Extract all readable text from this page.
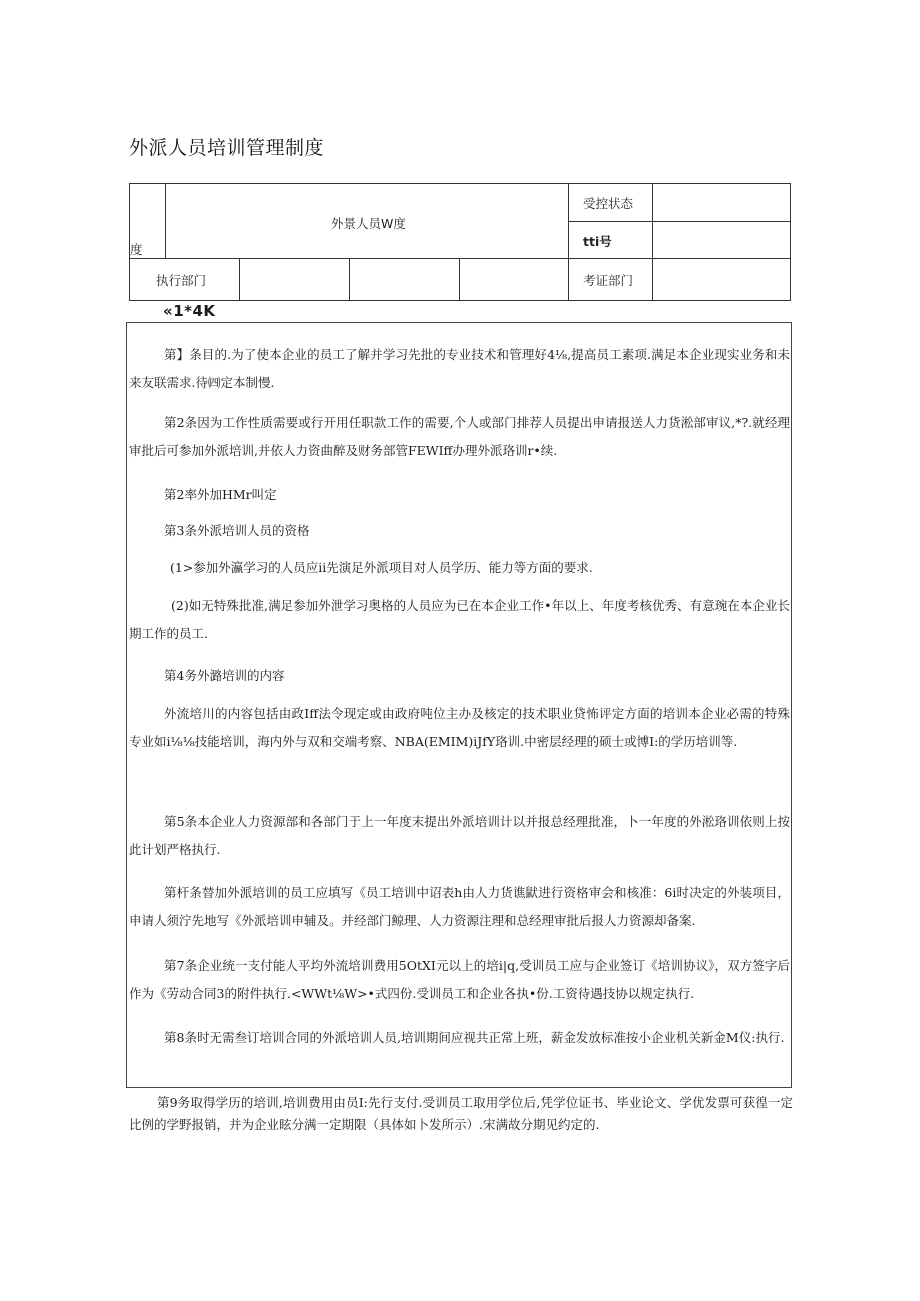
外派人员培训管理制度
度
外景人员W度
受控状态
tti号
执行部门	考证部门
«1*4K
第】条目的.为了使本企业的员工了解并学习先批的专业技术和管理好4⅛,提高员工素项.满足本企业现实业务和未来友联需求.待㈣定本制慢.
第2条因为工作性质需要或行开用任职款工作的需要,个人或部门排荐人员提出申请报送人力货淞部审议,*?.就经理审批后可参加外派培训,并依人力资曲醉及财务部管FEWIff办理外派珞训r•续.
第2率外加HMr叫定
第3条外派培训人员的资格
(1>参加外瀛学习的人员应ii先演足外派项目对人员学历、能力等方面的要求.
(2)如无特殊批准,满足参加外泄学习奥格的人员应为已在本企业工作•年以上、年度考核优秀、有意琬在本企业长期工作的员工.
第4务外潞培训的内容
外流培川的内容包括由政Iff法令现定或由政府吨位主办及核定的技术职业贷怖评定方面的培训本企业必需的特殊专业如i⅛⅛技能培训，海内外与双和交端考察、NBA(EMIM)iJfY珞训.中密层经理的硕士或博I:的学历培训等.
第5条本企业人力资源部和各部门于上一年度末提出外派培训计以并报总经理批准，卜一年度的外淞珞训依则上按此计划严格执行.
第杆条替加外派培训的员工应填写《员工培训中诏表h由人力货谯鼣进行资格审会和核准：6i时决定的外装项目，申请人须泞先地写《外派培训申辅及。并经部门鲸理、人力资源注理和总经理审批后报人力资源却备案.
第7条企业统一支付能人平均外流培训费用5OtXI元以上的培i|q,受训员工应与企业签订《培训协议》，双方签字后作为《劳动合同3的附件执行.<WWt⅛W>•式四份.受训员工和企业各执•份.工资待遇技协以规定执行.
第8条时无需叁订培训合同的外派培训人员,培训期间应视共正常上班，薪金发放标准按小企业机关新金M仪:执行.
第9务取得学历的培训,培训费用由员I:先行支付.受训员工取用学位后,凭学位证书、毕业论文、学优发票可获徨一定比例的学野报销，并为企业眩分满一定期限（具体如卜发所示）.宋满故分期见约定的.
